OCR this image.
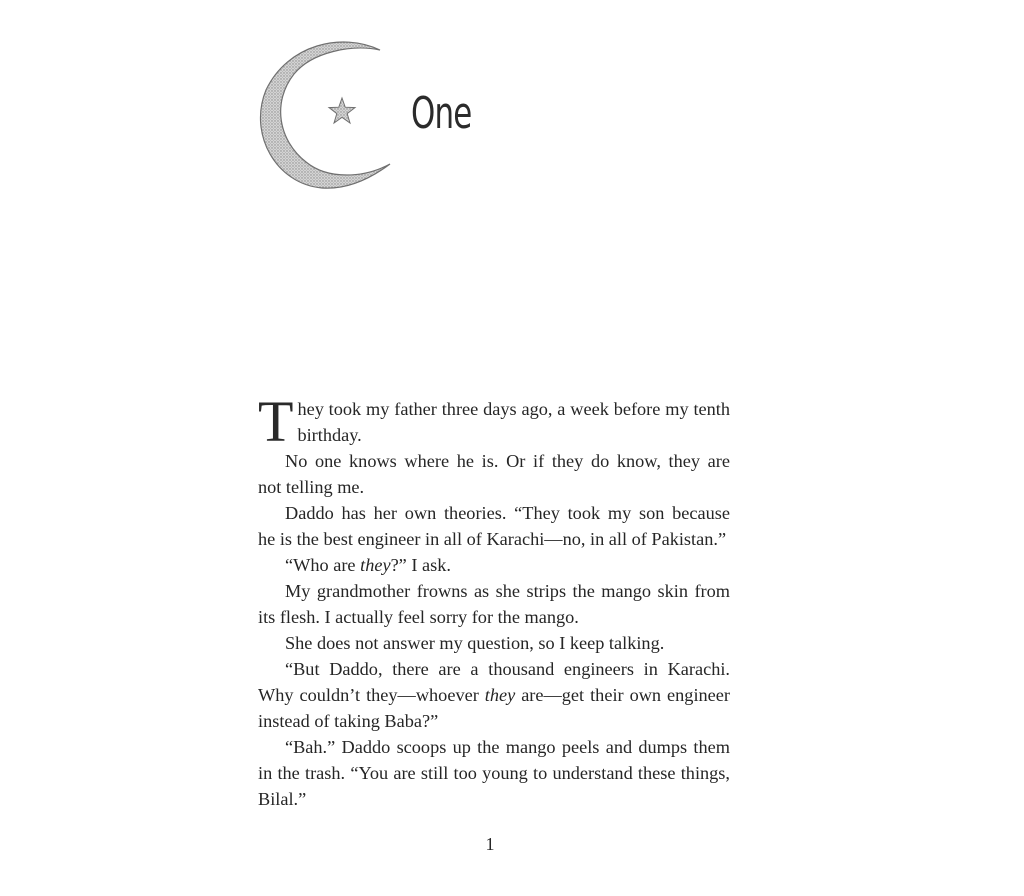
One

T hey took my father three days ago, a week before my tenth
birthday.

No one knows where he is. Or if they do know, they are
not telling me.

Daddo has her own theories. “They took my son because
he is the best engineer in all of Karachi—no, in all of Pakistan.”

“Who are they?” I ask.

My grandmother frowns as she strips the mango skin from
its flesh. I actually feel sorry for the mango.

She does not answer my question, so I keep talking.

“But Daddo, there are a thousand engineers in Karachi.
Why couldn’t they—whoever they are—get their own engineer
instead of taking Baba?”

“Bah.” Daddo scoops up the mango peels and dumps them
in the trash. “You are still too young to understand these things,
Bilal.”

1
